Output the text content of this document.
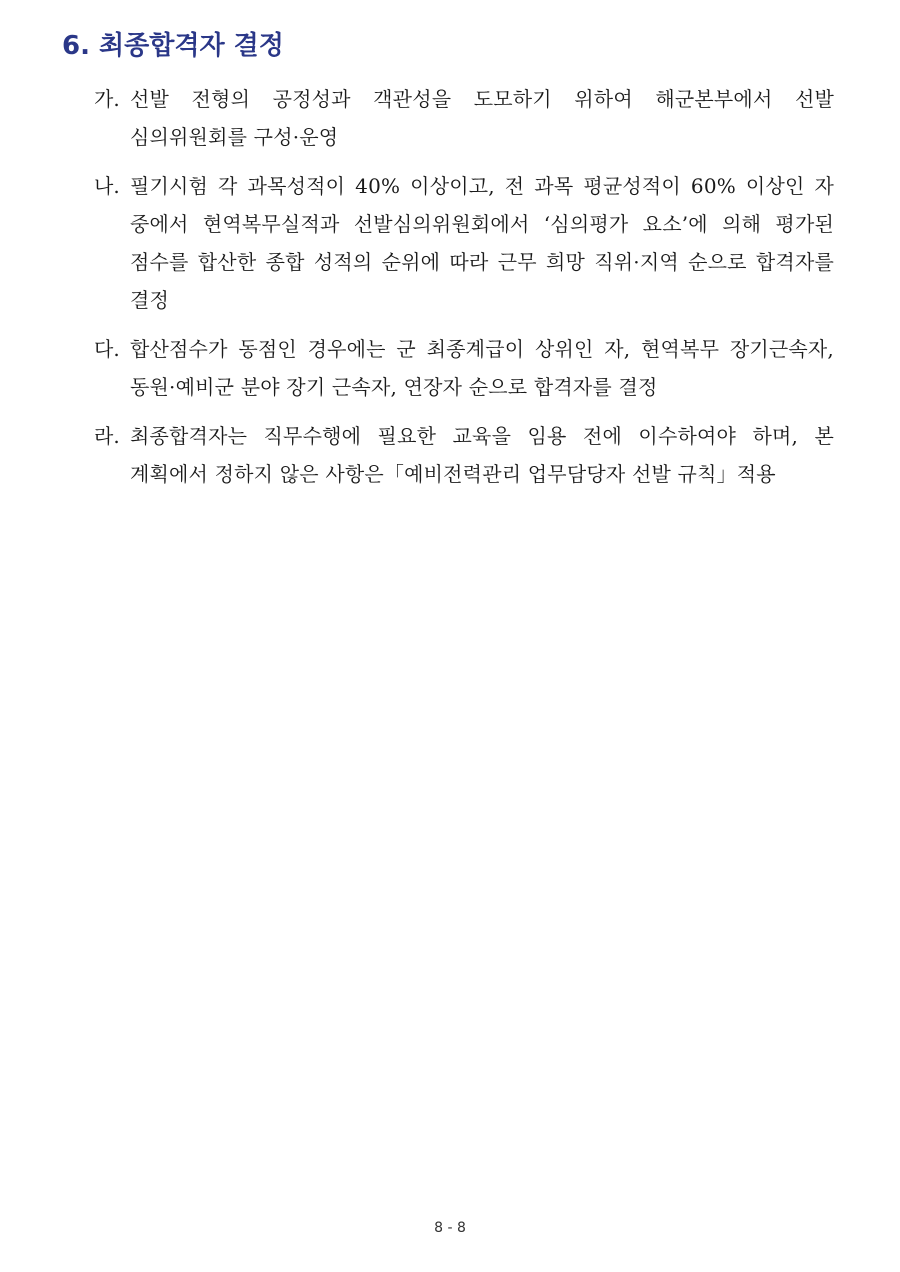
6. 최종합격자 결정
가. 선발 전형의 공정성과 객관성을 도모하기 위하여 해군본부에서 선발 심의위원회를 구성·운영
나. 필기시험 각 과목성적이 40% 이상이고, 전 과목 평균성적이 60% 이상인 자 중에서 현역복무실적과 선발심의위원회에서 ‘심의평가 요소’에 의해 평가된 점수를 합산한 종합 성적의 순위에 따라 근무 희망 직위·지역 순으로 합격자를 결정
다. 합산점수가 동점인 경우에는 군 최종계급이 상위인 자, 현역복무 장기근속자, 동원·예비군 분야 장기 근속자, 연장자 순으로 합격자를 결정
라. 최종합격자는 직무수행에 필요한 교육을 임용 전에 이수하여야 하며, 본 계획에서 정하지 않은 사항은「예비전력관리 업무담당자 선발 규칙」적용
8 - 8
